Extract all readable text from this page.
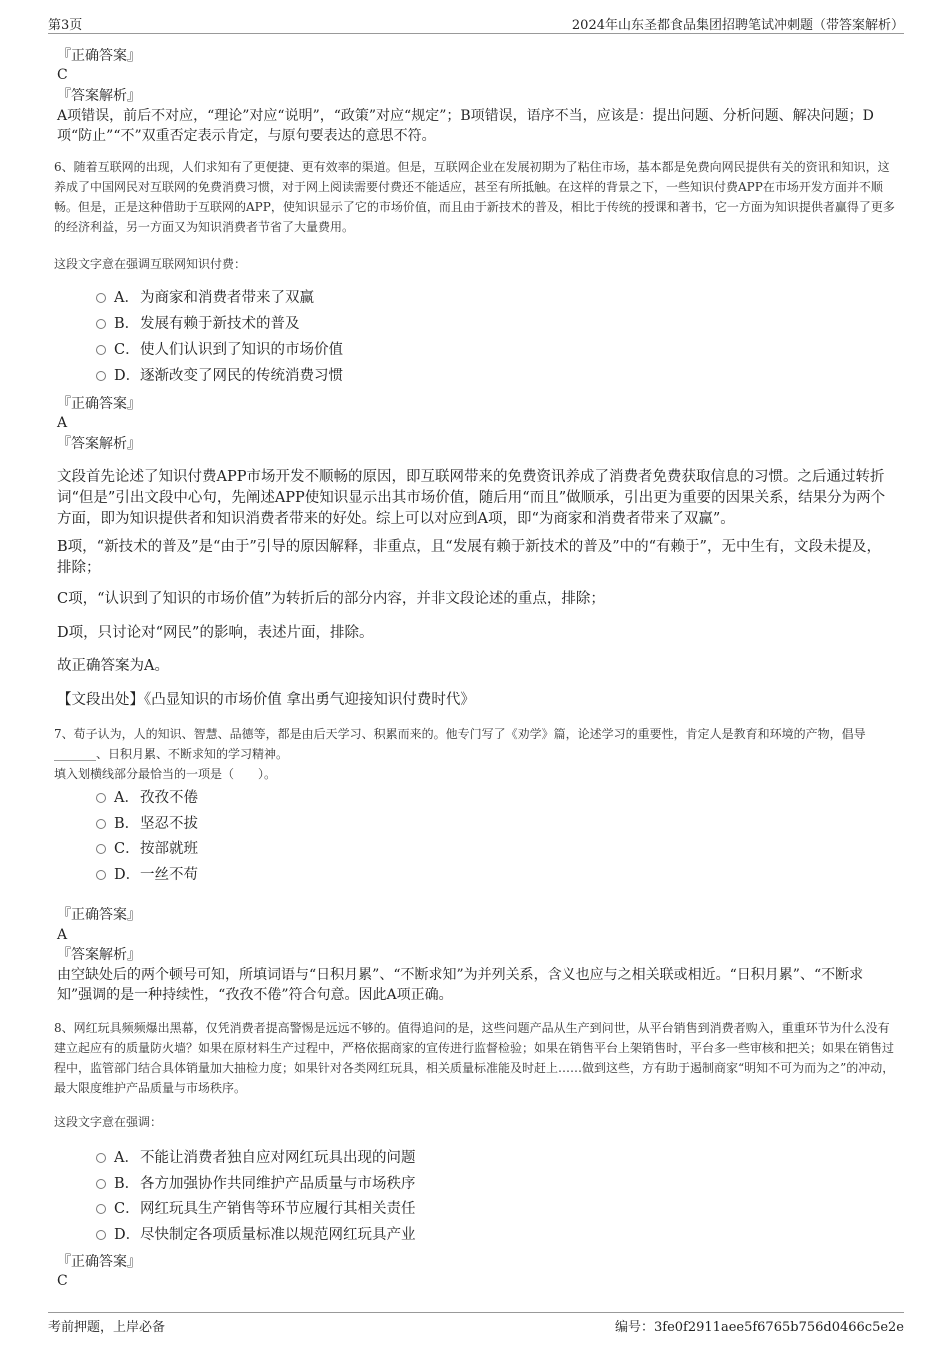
第3页	2024年山东圣都食品集团招聘笔试冲刺题（带答案解析）
『正确答案』
C
『答案解析』
A项错误，前后不对应，“理论”对应“说明”，“政策”对应“规定”；B项错误，语序不当，应该是：提出问题、分析问题、解决问题；D项“防止”“不”双重否定表示肯定，与原句要表达的意思不符。
6、随着互联网的出现，人们求知有了更便捷、更有效率的渠道。但是，互联网企业在发展初期为了粘住市场，基本都是免费向网民提供有关的资讯和知识，这养成了中国网民对互联网的免费消费习惯，对于网上阅读需要付费还不能适应，甚至有所抵触。在这样的背景之下，一些知识付费APP在市场开发方面并不顺畅。但是，正是这种借助于互联网的APP，使知识显示了它的市场价值，而且由于新技术的普及，相比于传统的授课和著书，它一方面为知识提供者赢得了更多的经济利益，另一方面又为知识消费者节省了大量费用。
这段文字意在强调互联网知识付费：
A．为商家和消费者带来了双赢
B．发展有赖于新技术的普及
C．使人们认识到了知识的市场价值
D．逐渐改变了网民的传统消费习惯
『正确答案』
A
『答案解析』
文段首先论述了知识付费APP市场开发不顺畅的原因，即互联网带来的免费资讯养成了消费者免费获取信息的习惯。之后通过转折词“但是”引出文段中心句，先阐述APP使知识显示出其市场价值，随后用“而且”做顺承，引出更为重要的因果关系，结果分为两个方面，即为知识提供者和知识消费者带来的好处。综上可以对应到A项，即“为商家和消费者带来了双赢”。
B项，“新技术的普及”是“由于”引导的原因解释，非重点，且“发展有赖于新技术的普及”中的“有赖于”，无中生有，文段未提及，排除；
C项，“认识到了知识的市场价值”为转折后的部分内容，并非文段论述的重点，排除；
D项，只讨论对“网民”的影响，表述片面，排除。
故正确答案为A。
【文段出处】《凸显知识的市场价值 拿出勇气迎接知识付费时代》
7、荀子认为，人的知识、智慧、品德等，都是由后天学习、积累而来的。他专门写了《劝学》篇，论述学习的重要性，肯定人是教育和环境的产物，倡导_______、日积月累、不断求知的学习精神。
填入划横线部分最恰当的一项是（　　）。
A．孜孜不倦
B．坚忍不拔
C．按部就班
D．一丝不苟
『正确答案』
A
『答案解析』
由空缺处后的两个顿号可知，所填词语与“日积月累”、“不断求知”为并列关系，含义也应与之相关联或相近。“日积月累”、“不断求知”强调的是一种持续性，“孜孜不倦”符合句意。因此A项正确。
8、网红玩具频频爆出黑幕，仅凭消费者提高警惕是远远不够的。值得追问的是，这些问题产品从生产到问世，从平台销售到消费者购入，重重环节为什么没有建立起应有的质量防火墙？如果在原材料生产过程中，严格依据商家的宣传进行监督检验；如果在销售平台上架销售时，平台多一些审核和把关；如果在销售过程中，监管部门结合具体销量加大抽检力度；如果针对各类网红玩具，相关质量标准能及时赶上……做到这些，方有助于遏制商家“明知不可为而为之”的冲动，最大限度维护产品质量与市场秩序。
这段文字意在强调：
A．不能让消费者独自应对网红玩具出现的问题
B．各方加强协作共同维护产品质量与市场秩序
C．网红玩具生产销售等环节应履行其相关责任
D．尽快制定各项质量标准以规范网红玩具产业
『正确答案』
C
考前押题，上岸必备	编号：3fe0f2911aee5f6765b756d0466c5e2e
